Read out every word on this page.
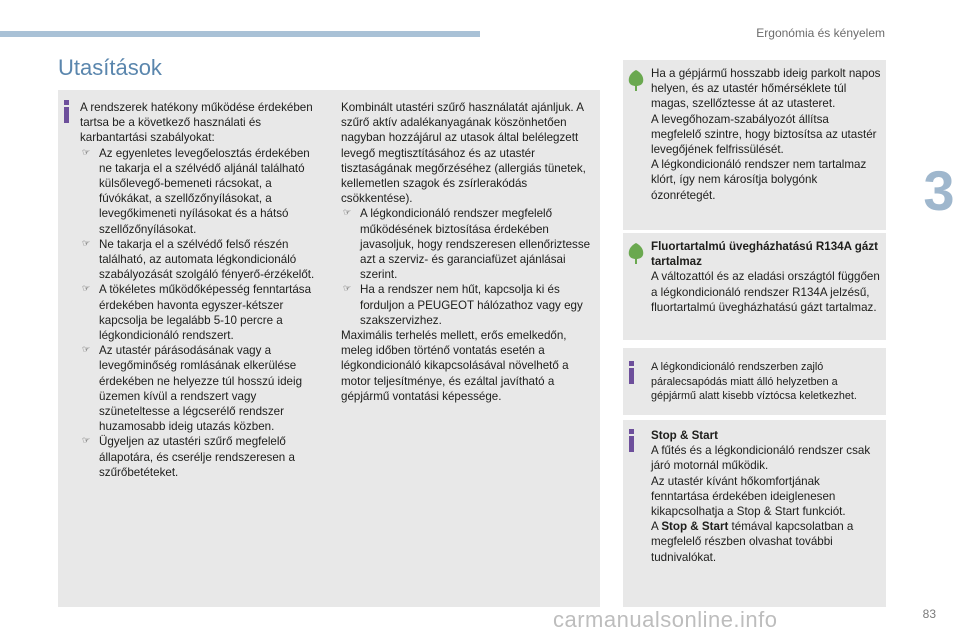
Ergonómia és kényelem
3
Utasítások
A rendszerek hatékony működése érdekében tartsa be a következő használati és karbantartási szabályokat:
☞ Az egyenletes levegőelosztás érdekében ne takarja el a szélvédő aljánál található külsőlevegő-bemeneti rácsokat, a fúvókákat, a szellőzőnyílásokat, a levegőkimeneti nyílásokat és a hátsó szellőzőnyílásokat.
☞ Ne takarja el a szélvédő felső részén található, az automata légkondicionáló szabályozását szolgáló fényerő-érzékelőt.
☞ A tökéletes működőképesség fenntartása érdekében havonta egyszer-kétszer kapcsolja be legalább 5-10 percre a légkondicionáló rendszert.
☞ Az utastér párásodásának vagy a levegőminőség romlásának elkerülése érdekében ne helyezze túl hosszú ideig üzemen kívül a rendszert vagy szüneteltesse a légcserélő rendszer huzamosabb ideig utazás közben.
☞ Ügyeljen az utastéri szűrő megfelelő állapotára, és cserélje rendszeresen a szűrőbetéteket.
Kombinált utastéri szűrő használatát ajánljuk. A szűrő aktív adalékanyagának köszönhetően nagyban hozzájárul az utasok által belélegzett levegő megtisztításához és az utastér tisztaságának megőrzéséhez (allergiás tünetek, kellemetlen szagok és zsírlerakódás csökkentése).
☞ A légkondicionáló rendszer megfelelő működésének biztosítása érdekében javasoljuk, hogy rendszeresen ellenőriztesse azt a szerviz- és garanciafüzet ajánlásai szerint.
☞ Ha a rendszer nem hűt, kapcsolja ki és forduljon a PEUGEOT hálózathoz vagy egy szakszervizhez.
Maximális terhelés mellett, erős emelkedőn, meleg időben történő vontatás esetén a légkondicionáló kikapcsolásával növelhető a motor teljesítménye, és ezáltal javítható a gépjármű vontatási képessége.
Ha a gépjármű hosszabb ideig parkolt napos helyen, és az utastér hőmérséklete túl magas, szellőztesse át az utasteret.
A levegőhozam-szabályozót állítsa megfelelő szintre, hogy biztosítsa az utastér levegőjének felfrissülését.
A légkondicionáló rendszer nem tartalmaz klórt, így nem károsítja bolygónk ózonrétegét.
Fluortartalmú üvegházhatású R134A gázt tartalmaz
A változattól és az eladási országtól függően a légkondicionáló rendszer R134A jelzésű, fluortartalmú üvegházhatású gázt tartalmaz.
A légkondicionáló rendszerben zajló páralecsapódás miatt álló helyzetben a gépjármű alatt kisebb víztócsa keletkezhet.
Stop & Start
A fűtés és a légkondicionáló rendszer csak járó motornál működik.
Az utastér kívánt hőkomfortjának fenntartása érdekében ideiglenesen kikapcsolhatja a Stop & Start funkciót.
A Stop & Start témával kapcsolatban a megfelelő részben olvashat további tudnivalókat.
carmanualsonline.info	83
